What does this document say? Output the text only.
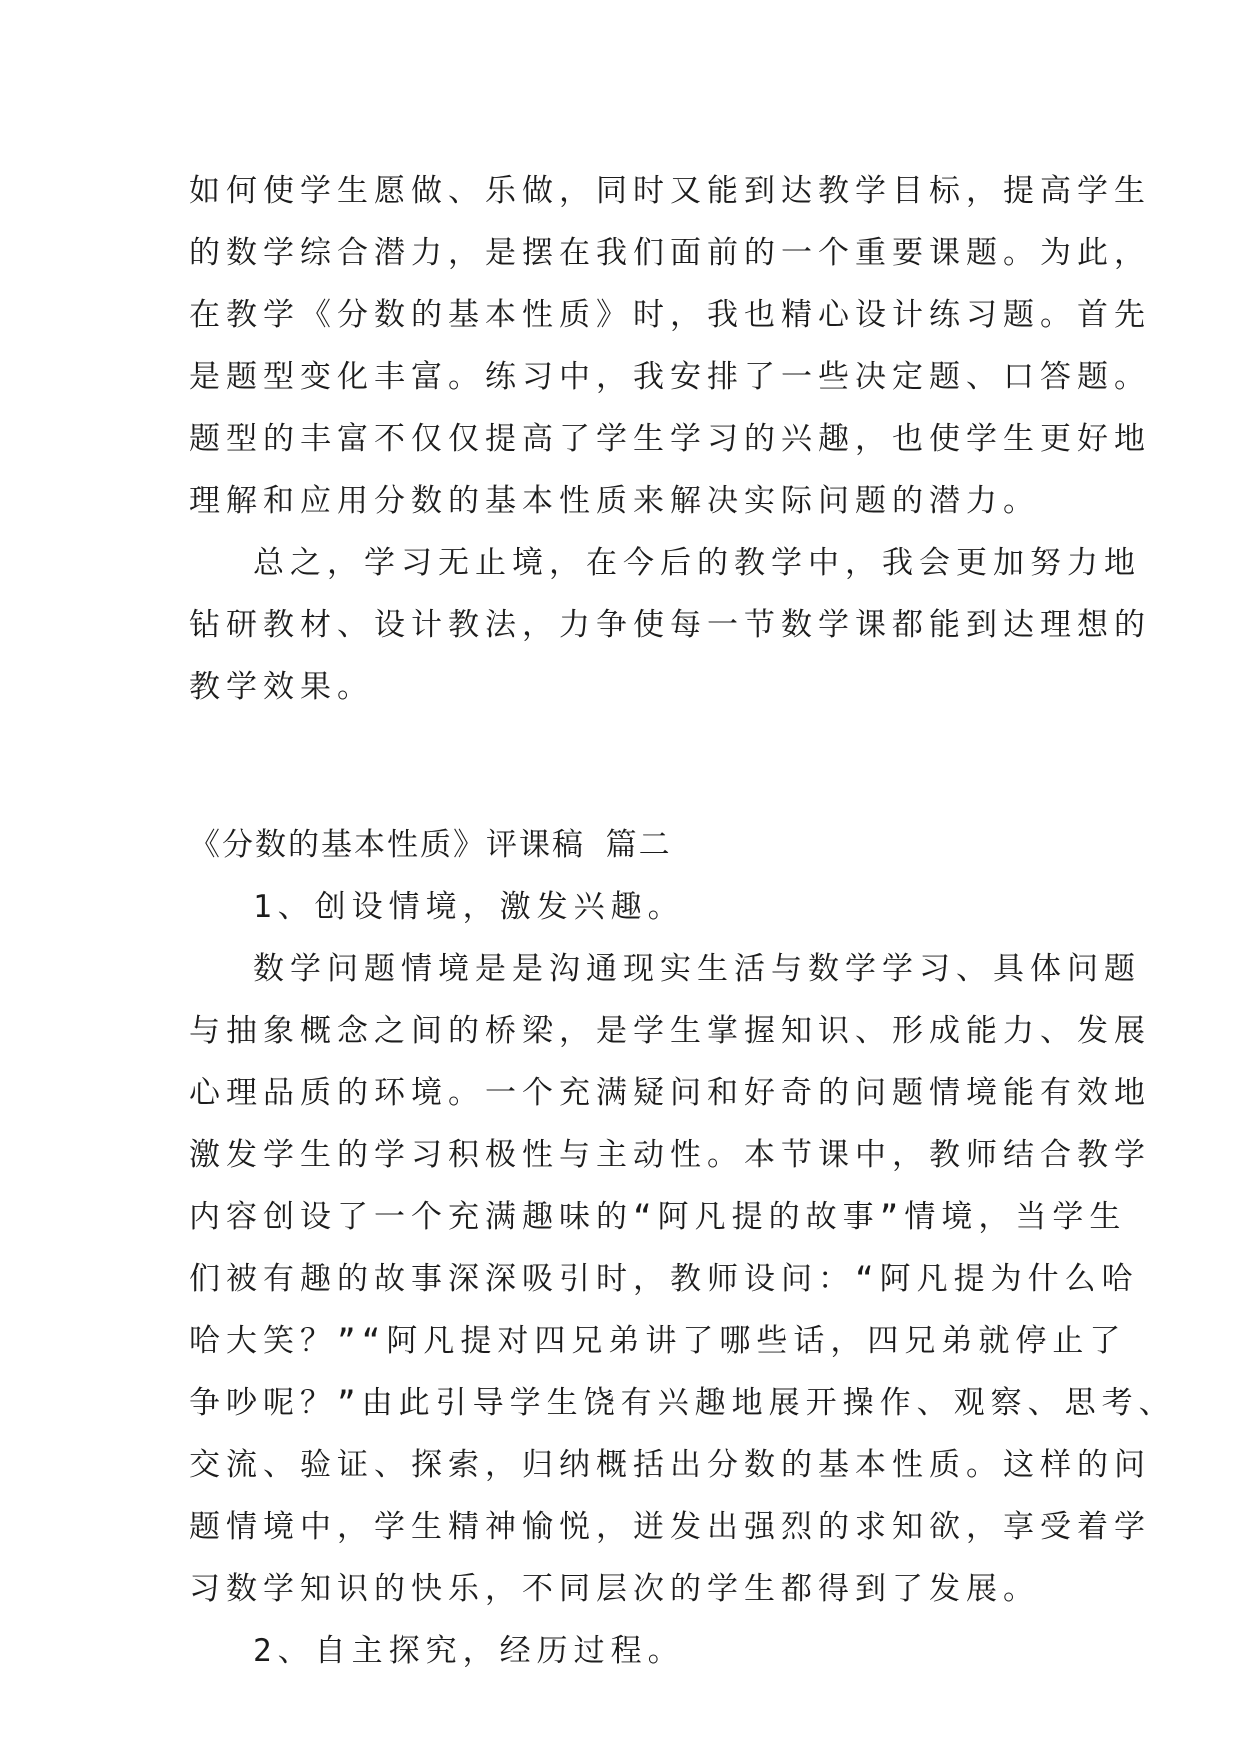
如何使学生愿做、乐做，同时又能到达教学目标，提高学生
的数学综合潜力，是摆在我们面前的一个重要课题。为此，
在教学《分数的基本性质》时，我也精心设计练习题。首先
是题型变化丰富。练习中，我安排了一些决定题、口答题。
题型的丰富不仅仅提高了学生学习的兴趣，也使学生更好地
理解和应用分数的基本性质来解决实际问题的潜力。
总之，学习无止境，在今后的教学中，我会更加努力地
钻研教材、设计教法，力争使每一节数学课都能到达理想的
教学效果。
《分数的基本性质》评课稿 篇二
1、创设情境，激发兴趣。
数学问题情境是是沟通现实生活与数学学习、具体问题
与抽象概念之间的桥梁，是学生掌握知识、形成能力、发展
心理品质的环境。一个充满疑问和好奇的问题情境能有效地
激发学生的学习积极性与主动性。本节课中，教师结合教学
内容创设了一个充满趣味的“阿凡提的故事”情境，当学生
们被有趣的故事深深吸引时，教师设问：“阿凡提为什么哈
哈大笑？”“阿凡提对四兄弟讲了哪些话，四兄弟就停止了
争吵呢？”由此引导学生饶有兴趣地展开操作、观察、思考、
交流、验证、探索，归纳概括出分数的基本性质。这样的问
题情境中，学生精神愉悦，迸发出强烈的求知欲，享受着学
习数学知识的快乐，不同层次的学生都得到了发展。
2、自主探究，经历过程。
